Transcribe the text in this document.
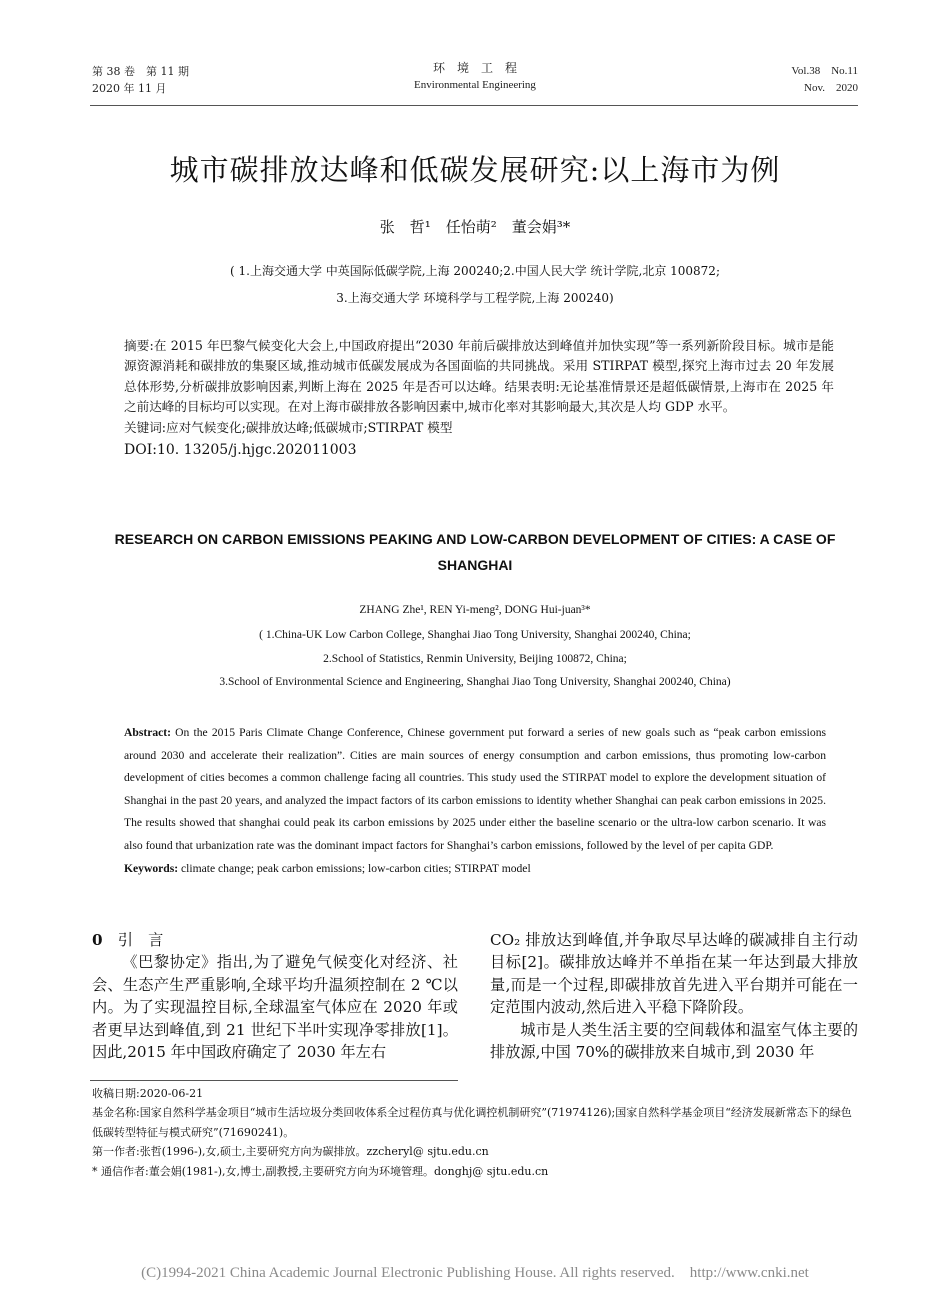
第 38 卷　第 11 期
2020 年 11 月
环　境　工　程
Environmental Engineering
Vol.38　No.11
Nov.　2020
城市碳排放达峰和低碳发展研究:以上海市为例
张　哲¹　任怡萌²　董会娟³*
( 1.上海交通大学 中英国际低碳学院,上海 200240;2.中国人民大学 统计学院,北京 100872;
3.上海交通大学 环境科学与工程学院,上海 200240)

摘要:在 2015 年巴黎气候变化大会上,中国政府提出“2030 年前后碳排放达到峰值并加快实现”等一系列新阶段目标。城市是能源资源消耗和碳排放的集聚区域,推动城市低碳发展成为各国面临的共同挑战。采用 STIRPAT 模型,探究上海市过去 20 年发展总体形势,分析碳排放影响因素,判断上海在 2025 年是否可以达峰。结果表明:无论基准情景还是超低碳情景,上海市在 2025 年之前达峰的目标均可以实现。在对上海市碳排放各影响因素中,城市化率对其影响最大,其次是人均 GDP 水平。

关键词:应对气候变化;碳排放达峰;低碳城市;STIRPAT 模型

DOI:10. 13205/j.hjgc.202011003

RESEARCH ON CARBON EMISSIONS PEAKING AND LOW-CARBON DEVELOPMENT OF CITIES: A CASE OF SHANGHAI
ZHANG Zhe¹, REN Yi-meng², DONG Hui-juan³*
( 1.China-UK Low Carbon College, Shanghai Jiao Tong University, Shanghai 200240, China;
2.School of Statistics, Renmin University, Beijing 100872, China;
3.School of Environmental Science and Engineering, Shanghai Jiao Tong University, Shanghai 200240, China)

Abstract: On the 2015 Paris Climate Change Conference, Chinese government put forward a series of new goals such as “peak carbon emissions around 2030 and accelerate their realization”. Cities are main sources of energy consumption and carbon emissions, thus promoting low-carbon development of cities becomes a common challenge facing all countries. This study used the STIRPAT model to explore the development situation of Shanghai in the past 20 years, and analyzed the impact factors of its carbon emissions to identity whether Shanghai can peak carbon emissions in 2025. The results showed that shanghai could peak its carbon emissions by 2025 under either the baseline scenario or the ultra-low carbon scenario. It was also found that urbanization rate was the dominant impact factors for Shanghai’s carbon emissions, followed by the level of per capita GDP.

Keywords: climate change; peak carbon emissions; low-carbon cities; STIRPAT model

0　 引　言

《巴黎协定》指出,为了避免气候变化对经济、社会、生态产生严重影响,全球平均升温须控制在 2 ℃以内。为了实现温控目标,全球温室气体应在 2020 年或者更早达到峰值,到 21 世纪下半叶实现净零排放[1]。因此,2015 年中国政府确定了 2030 年左右

CO₂ 排放达到峰值,并争取尽早达峰的碳减排自主行动目标[2]。碳排放达峰并不单指在某一年达到最大排放量,而是一个过程,即碳排放首先进入平台期并可能在一定范围内波动,然后进入平稳下降阶段。

城市是人类生活主要的空间载体和温室气体主要的排放源,中国 70%的碳排放来自城市,到 2030 年

收稿日期:2020-06-21

基金名称:国家自然科学基金项目“城市生活垃圾分类回收体系全过程仿真与优化调控机制研究”(71974126);国家自然科学基金项目“经济发展新常态下的绿色低碳转型特征与模式研究”(71690241)。

第一作者:张哲(1996-),女,硕士,主要研究方向为碳排放。zzcheryl@ sjtu.edu.cn

* 通信作者:董会娟(1981-),女,博士,副教授,主要研究方向为环境管理。donghj@ sjtu.edu.cn

(C)1994-2021 China Academic Journal Electronic Publishing House. All rights reserved.    http://www.cnki.net
